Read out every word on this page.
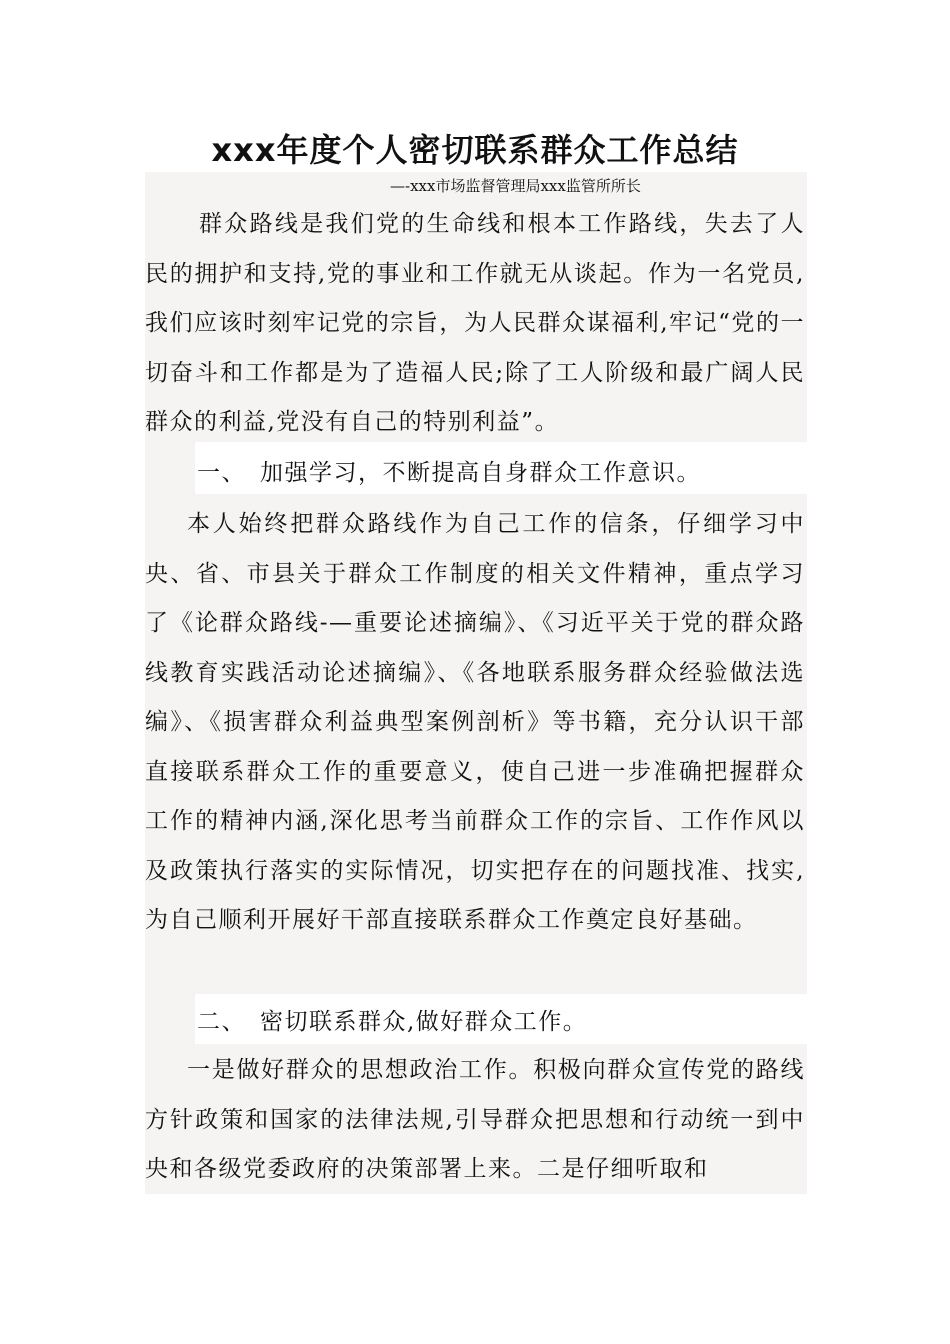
xxx年度个人密切联系群众工作总结
—-xxx市场监督管理局xxx监管所所长

群众路线是我们党的生命线和根本工作路线，失去了人民的拥护和支持,党的事业和工作就无从谈起。作为一名党员,我们应该时刻牢记党的宗旨，为人民群众谋福利,牢记“党的一切奋斗和工作都是为了造福人民;除了工人阶级和最广阔人民群众的利益,党没有自己的特别利益”。

一、 加强学习，不断提高自身群众工作意识。

本人始终把群众路线作为自己工作的信条，仔细学习中央、省、市县关于群众工作制度的相关文件精神，重点学习了《论群众路线-—重要论述摘编》、《习近平关于党的群众路线教育实践活动论述摘编》、《各地联系服务群众经验做法选编》、《损害群众利益典型案例剖析》等书籍，充分认识干部直接联系群众工作的重要意义，使自己进一步准确把握群众工作的精神内涵,深化思考当前群众工作的宗旨、工作作风以及政策执行落实的实际情况，切实把存在的问题找准、找实,为自己顺利开展好干部直接联系群众工作奠定良好基础。

二、 密切联系群众,做好群众工作。

一是做好群众的思想政治工作。积极向群众宣传党的路线方针政策和国家的法律法规,引导群众把思想和行动统一到中央和各级党委政府的决策部署上来。二是仔细听取和
